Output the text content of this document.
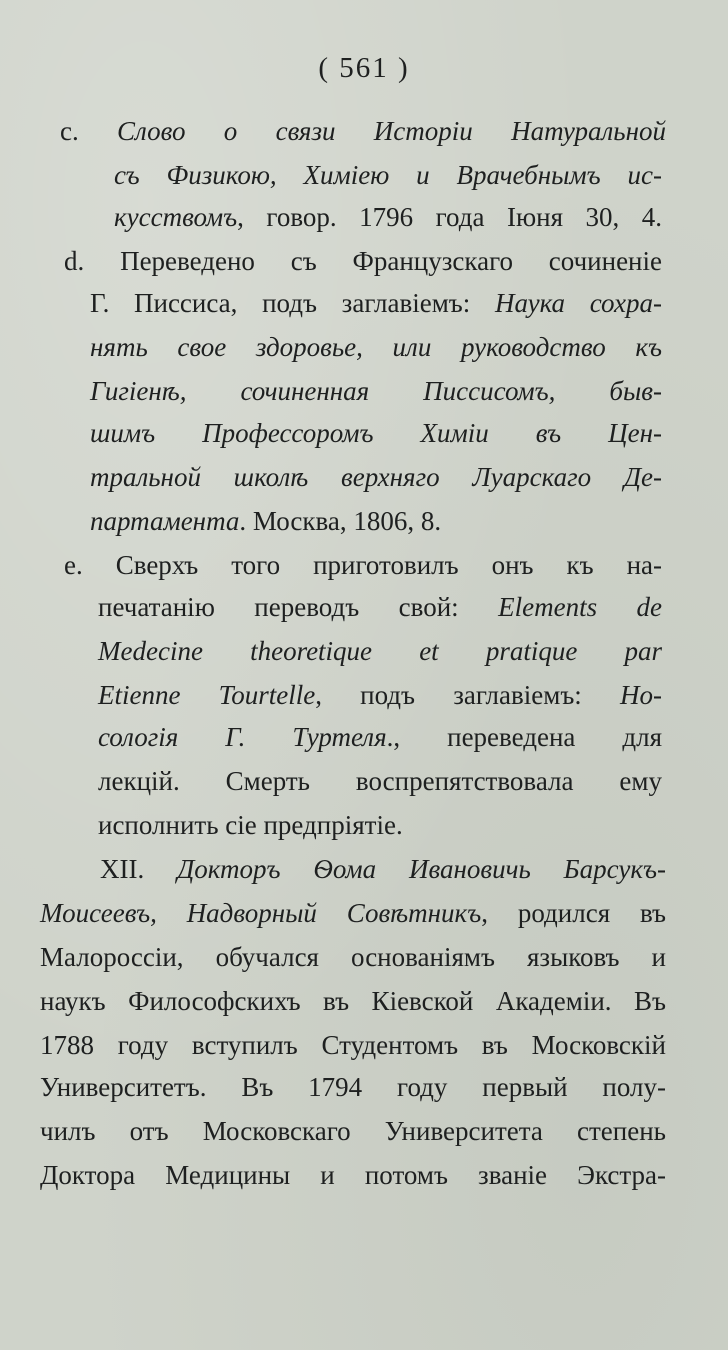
( 561 )
c. Слово о связи Исторіи Натуральной
съ Физикою, Химіею и Врачебнымъ ис-
кусствомъ, говор. 1796 года Іюня 30, 4.
d. Переведено съ Французскаго сочиненіе
Г. Писсиса, подъ заглавіемъ: Наука сохра-
нять свое здоровье, или руководство къ
Гигіенѣ, сочиненная Писсисомъ, быв-
шимъ Профессоромъ Химіи въ Цен-
тральной школѣ верхняго Луарскаго Де-
партамента. Москва, 1806, 8.
e. Сверхъ того приготовилъ онъ къ на-
печатанію переводъ свой: Elements de
Medecine theoretique et pratique par
Etienne Tourtelle, подъ заглавіемъ: Но-
сологія Г. Туртеля., переведена для
лекцій. Смерть воспрепятствовала ему
исполнить сіе предпріятіе.
XII. Докторъ Ѳома Ивановичь Барсукъ-
Моисеевъ, Надворный Совѣтникъ, родился въ
Малороссіи, обучался основаніямъ языковъ и
наукъ Философскихъ въ Кіевской Академіи. Въ
1788 году вступилъ Студентомъ въ Московскій
Университетъ. Въ 1794 году первый полу-
чилъ отъ Московскаго Университета степень
Доктора Медицины и потомъ званіе Экстра-
